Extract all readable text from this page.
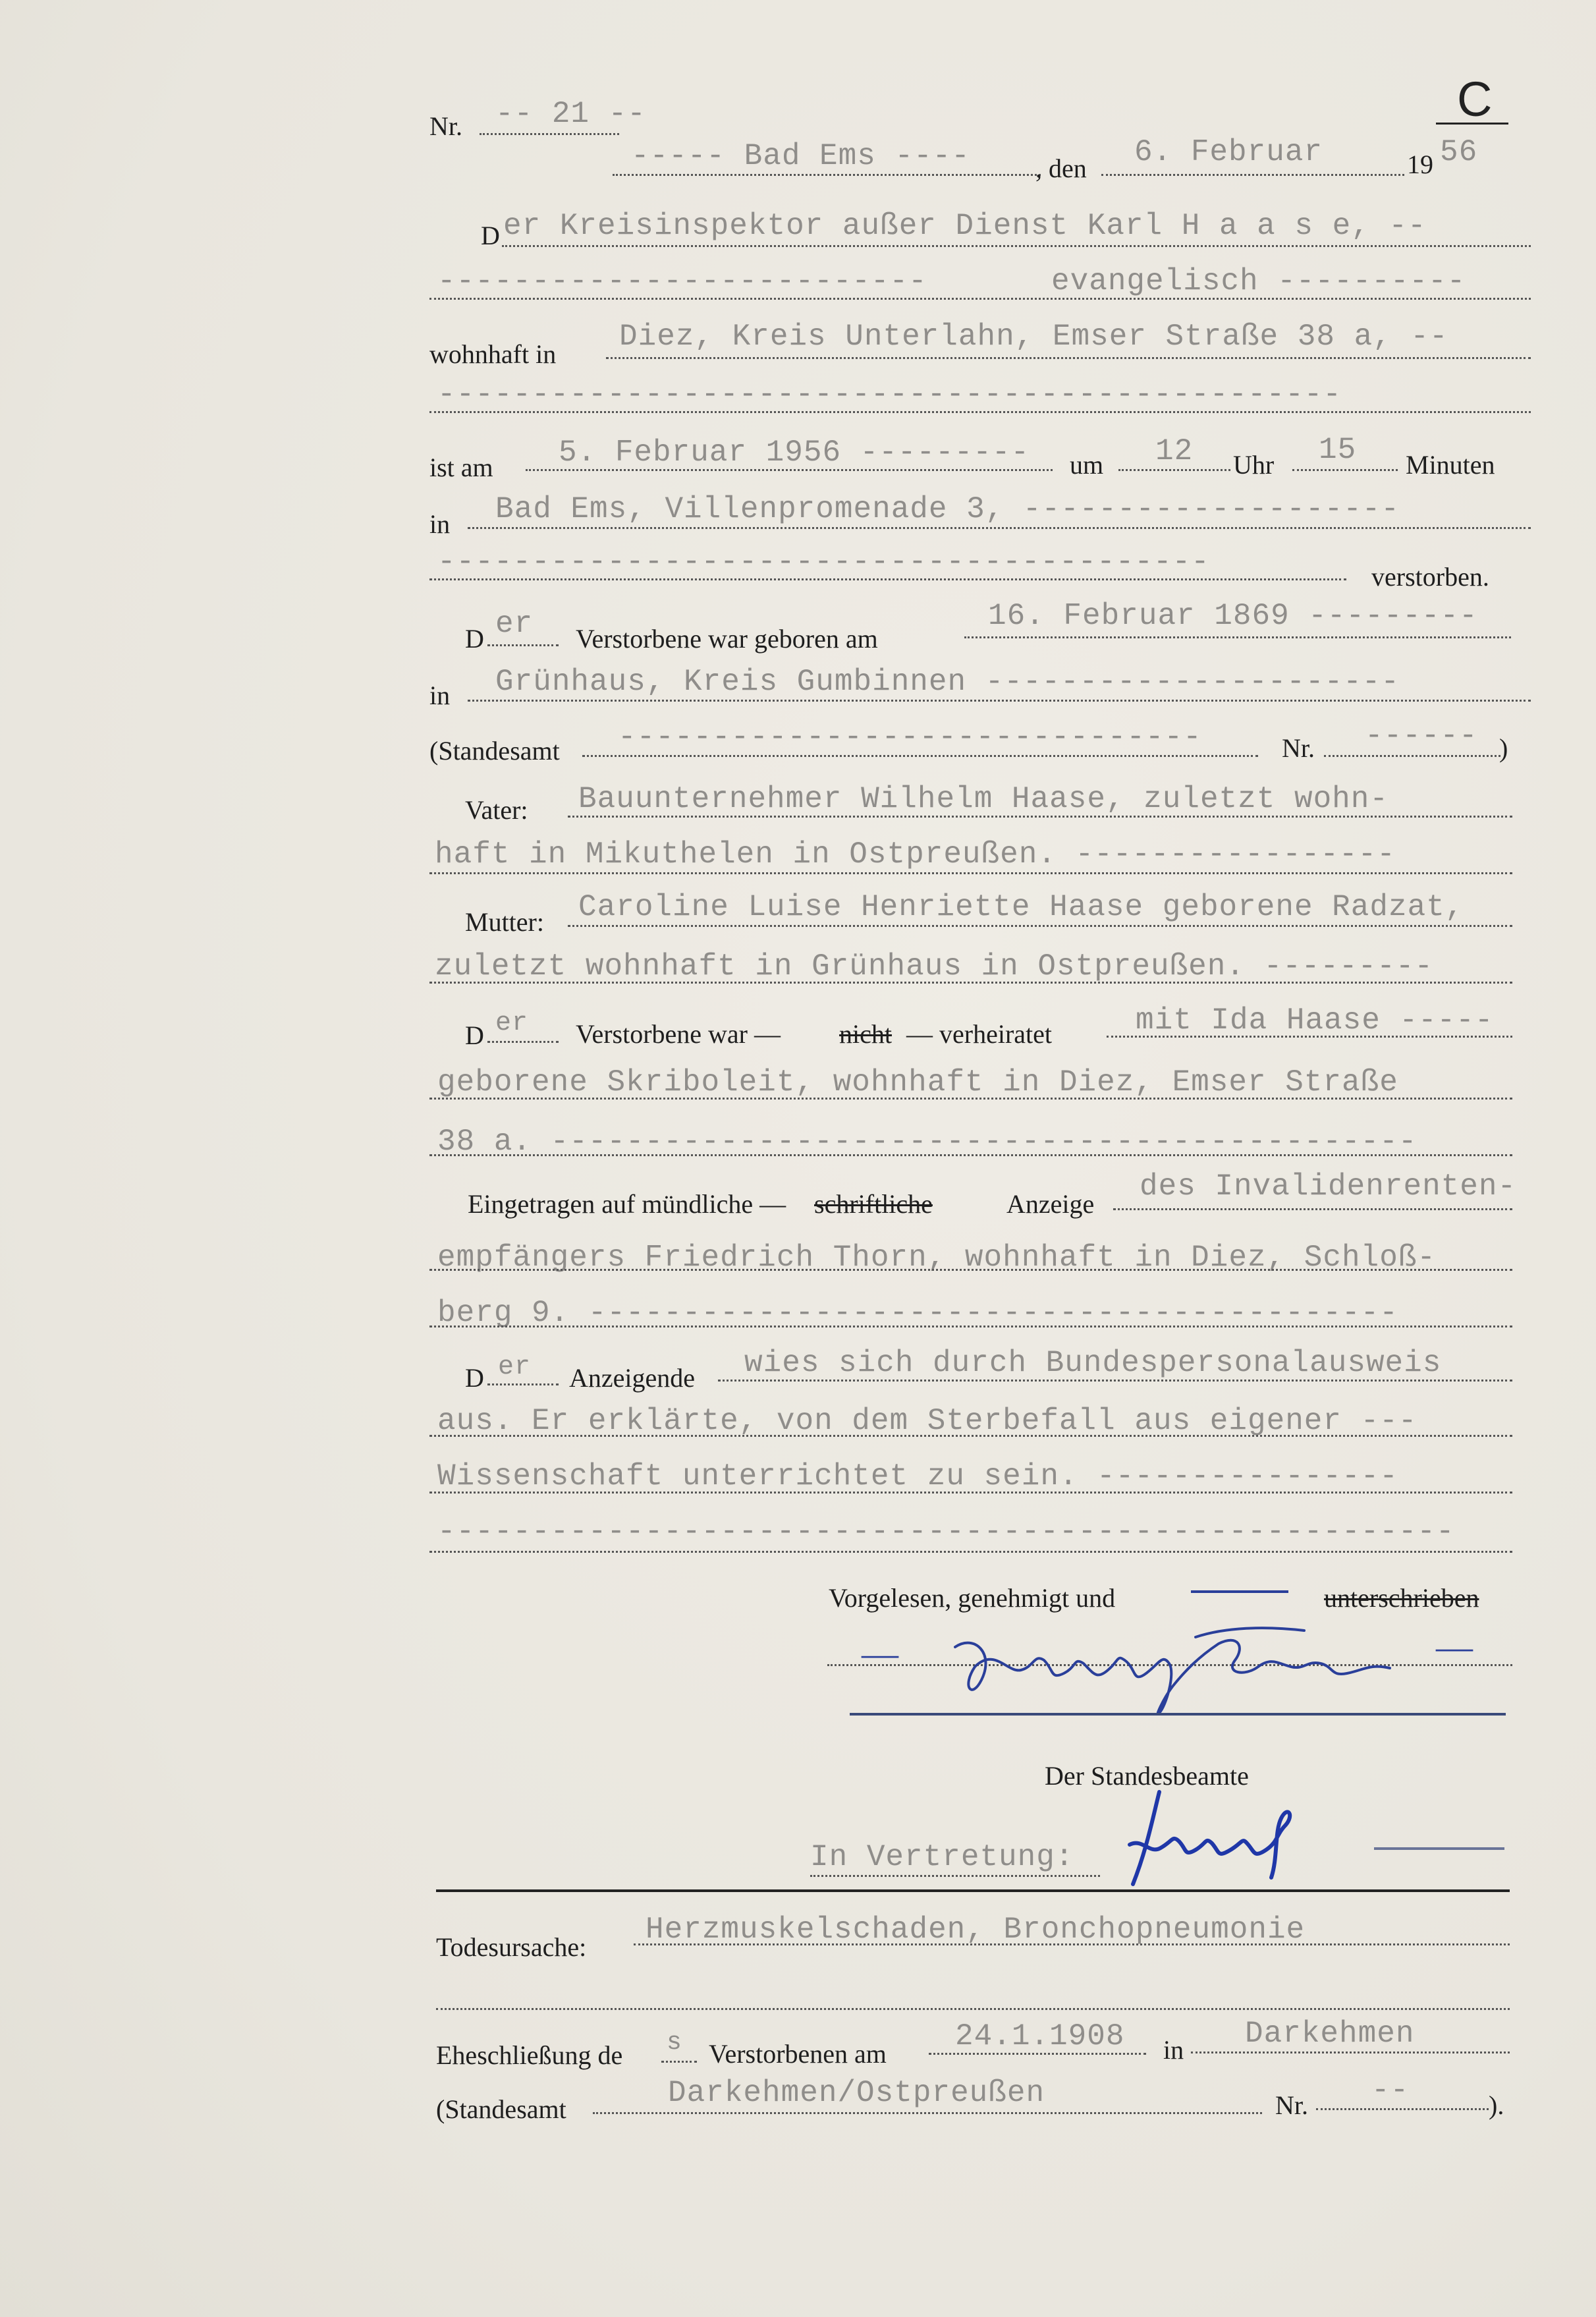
C
Nr. -- 21 --
----- Bad Ems ---- , den 6. Februar	19 56
D er Kreisinspektor außer Dienst Karl H a a s e, --
--------------------------	evangelisch ----------
wohnhaft in
Diez, Kreis Unterlahn, Emser Straße 38 a, --
------------------------------------------------
ist am 5. Februar 1956 --------- um 12 Uhr 15 Minuten
in Bad Ems, Villenpromenade 3, --------------------
-----------------------------------------	verstorben.
D er Verstorbene war geboren am
16. Februar 1869 ---------
in Grünhaus, Kreis Gumbinnen ----------------------
(Standesamt -------------------------------	Nr. ------ )
Vater: Bauunternehmer Wilhelm Haase, zuletzt wohn-
haft in Mikuthelen in Ostpreußen. -----------------
Mutter: Caroline Luise Henriette Haase geborene Radzat,
zuletzt wohnhaft in Grünhaus in Ostpreußen. ---------
D er Verstorbene war — nicht — verheiratet	mit Ida Haase -----
geborene Skriboleit, wohnhaft in Diez, Emser Straße
38 a. ----------------------------------------------
Eingetragen auf mündliche — schriftliche	Anzeige
des Invalidenrenten-
empfängers Friedrich Thorn, wohnhaft in Diez, Schloß-
berg 9. -------------------------------------------
D er Anzeigende wies sich durch Bundespersonalausweis
aus. Er erklärte, von dem Sterbefall aus eigener ---
Wissenschaft unterrichtet zu sein. ----------------
------------------------------------------------------
Vorgelesen, genehmigt und	unterschrieben
—	—
Der Standesbeamte
In Vertretung:
Todesursache:
Herzmuskelschaden, Bronchopneumonie
Eheschließung de s Verstorbenen am
24.1.1908 in Darkehmen
(Standesamt	Darkehmen/Ostpreußen	Nr. --	).
